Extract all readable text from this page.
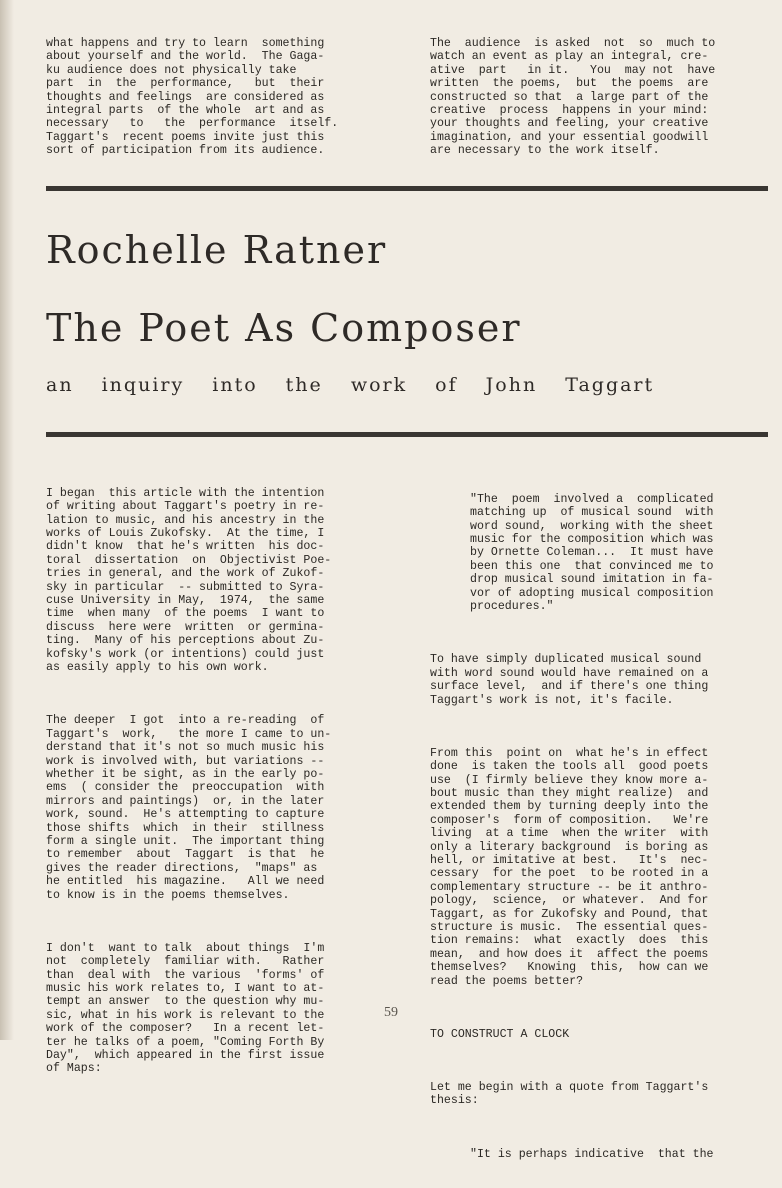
what happens and try to learn  something
about yourself and the world.  The Gaga-
ku audience does not physically take
part  in  the  performance,   but  their
thoughts and feelings  are considered as
integral parts  of the whole  art and as
necessary   to   the  performance  itself.
Taggart's  recent poems invite just this
sort of participation from its audience.
The  audience  is asked  not  so  much to
watch an event as play an integral, cre-
ative  part   in it.   You  may not  have
written  the poems,  but  the poems  are
constructed so that  a large part of the
creative  process  happens in your mind:
your thoughts and feeling, your creative
imagination, and your essential goodwill
are necessary to the work itself.
Rochelle Ratner
The Poet As Composer
an inquiry into the work of John Taggart

I began  this article with the intention
of writing about Taggart's poetry in re-
lation to music, and his ancestry in the
works of Louis Zukofsky.  At the time, I
didn't know  that he's written  his doc-
toral  dissertation  on  Objectivist Poe-
tries in general, and the work of Zukof-
sky in particular  -- submitted to Syra-
cuse University in May,  1974,  the same
time  when many  of the poems  I want to
discuss  here were  written  or germina-
ting.  Many of his perceptions about Zu-
kofsky's work (or intentions) could just
as easily apply to his own work.

The deeper  I got  into a re-reading  of
Taggart's  work,   the more I came to un-
derstand that it's not so much music his
work is involved with, but variations --
whether it be sight, as in the early po-
ems  ( consider the  preoccupation  with
mirrors and paintings)  or, in the later
work, sound.  He's attempting to capture
those shifts  which  in their  stillness
form a single unit.  The important thing
to remember  about  Taggart  is that  he
gives the reader directions,  "maps" as
he entitled  his magazine.   All we need
to know is in the poems themselves.

I don't  want to talk  about things  I'm
not  completely  familiar with.   Rather
than  deal with  the various  'forms' of
music his work relates to, I want to at-
tempt an answer  to the question why mu-
sic, what in his work is relevant to the
work of the composer?   In a recent let-
ter he talks of a poem, "Coming Forth By
Day",  which appeared in the first issue
of Maps:

"The  poem  involved a  complicated
matching up  of musical sound  with
word sound,  working with the sheet
music for the composition which was
by Ornette Coleman...  It must have
been this one  that convinced me to
drop musical sound imitation in fa-
vor of adopting musical composition
procedures."

To have simply duplicated musical sound
with word sound would have remained on a
surface level,  and if there's one thing
Taggart's work is not, it's facile.

From this  point on  what he's in effect
done  is taken the tools all  good poets
use  (I firmly believe they know more a-
bout music than they might realize)  and
extended them by turning deeply into the
composer's  form of composition.   We're
living  at a time  when the writer  with
only a literary background  is boring as
hell, or imitative at best.   It's  nec-
cessary  for the poet  to be rooted in a
complementary structure -- be it anthro-
pology,  science,  or whatever.  And for
Taggart, as for Zukofsky and Pound, that
structure is music.  The essential ques-
tion remains:  what  exactly  does  this
mean,  and how does it  affect the poems
themselves?   Knowing  this,  how can we
read the poems better?

TO CONSTRUCT A CLOCK

Let me begin with a quote from Taggart's
thesis:

"It is perhaps indicative  that the

59
